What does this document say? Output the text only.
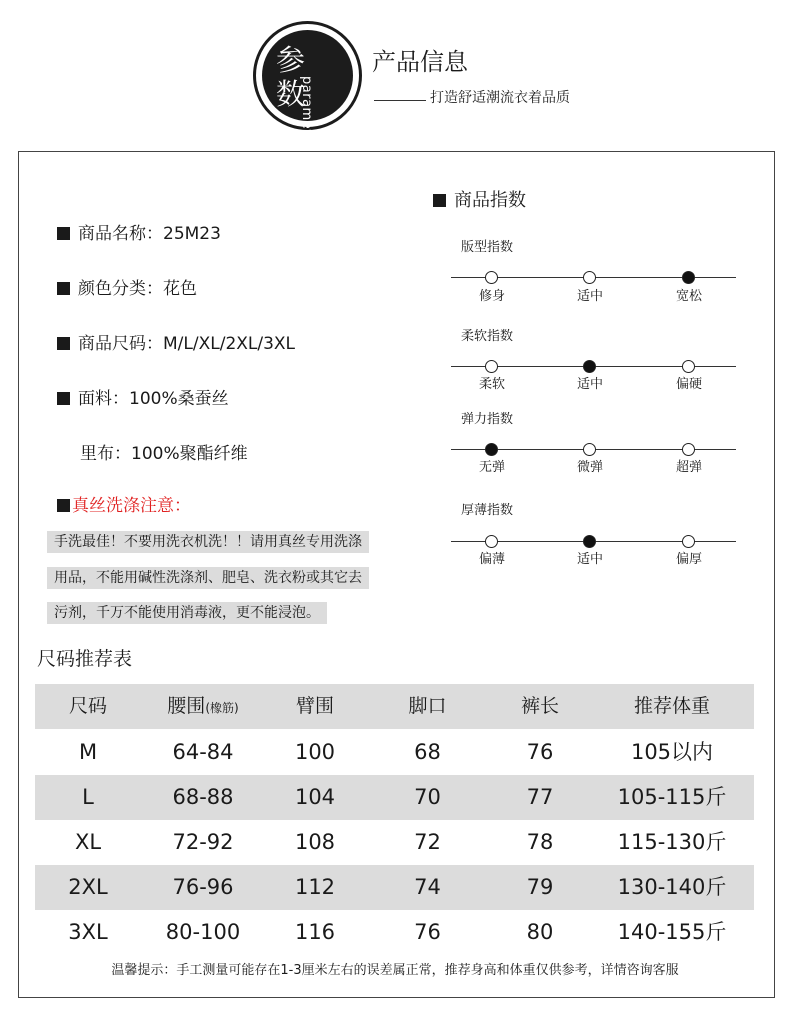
参
数
parameter
产品信息
打造舒适潮流衣着品质
商品名称：25M23
颜色分类：花色
商品尺码：M/L/XL/2XL/3XL
面料：100%桑蚕丝
里布：100%聚酯纤维
真丝洗涤注意：
手洗最佳！不要用洗衣机洗！！请用真丝专用洗涤
用品，不能用碱性洗涤剂、肥皂、洗衣粉或其它去
污剂，千万不能使用消毒液，更不能浸泡。
商品指数
版型指数
修身	适中	宽松
柔软指数
柔软	适中	偏硬
弹力指数
无弹	微弹	超弹
厚薄指数
偏薄	适中	偏厚
尺码推荐表
尺码	腰围(橡筋)	臂围	脚口	裤长	推荐体重
M	64-84	100	68	76	105以内
L	68-88	104	70	77	105-115斤
XL	72-92	108	72	78	115-130斤
2XL	76-96	112	74	79	130-140斤
3XL	80-100	116	76	80	140-155斤
温馨提示：手工测量可能存在1-3厘米左右的误差属正常，推荐身高和体重仅供参考，详情咨询客服
